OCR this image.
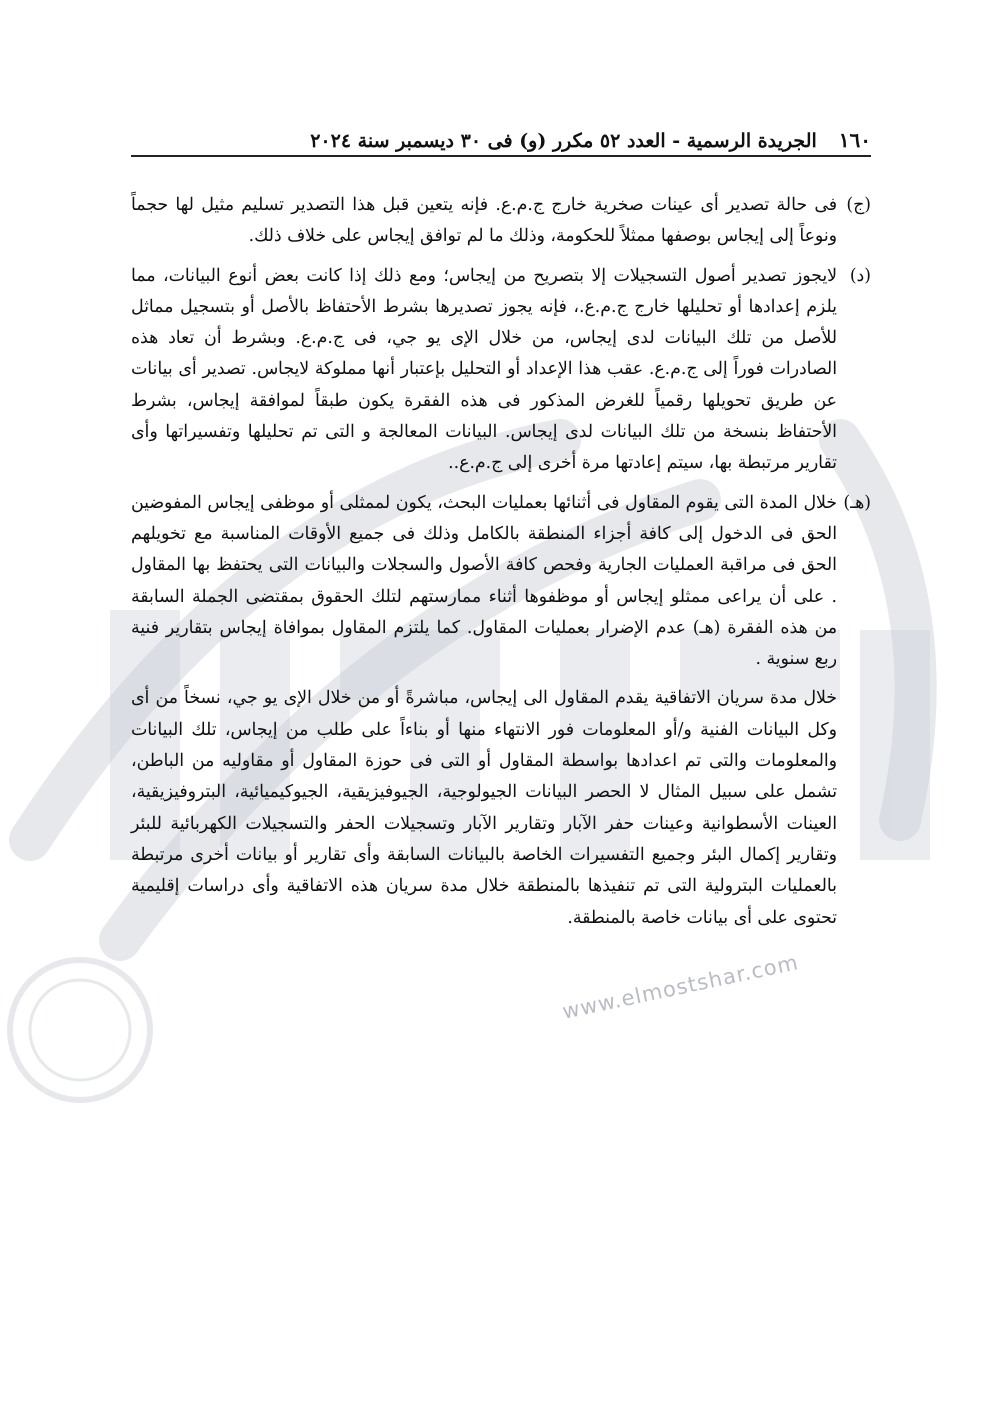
www.elmostshar.com
١٦٠
الجريدة الرسمية - العدد ٥٢ مكرر (و) فى ٣٠ ديسمبر سنة ٢٠٢٤
(ج)
فى حالة تصدير أى عينات صخرية خارج ج.م.ع. فإنه يتعين قبل هذا التصدير تسليم مثيل لها حجماً ونوعاً إلى إيجاس بوصفها ممثلاً للحكومة، وذلك ما لم توافق إيجاس على خلاف ذلك.
(د)
لايجوز تصدير أصول التسجيلات إلا بتصريح من إيجاس؛ ومع ذلك إذا كانت بعض أنوع البيانات، مما يلزم إعدادها أو تحليلها خارج ج.م.ع.، فإنه يجوز تصديرها بشرط الأحتفاظ بالأصل أو بتسجيل مماثل للأصل من تلك البيانات لدى إيجاس، من خلال الإى يو جي، فى ج.م.ع. وبشرط أن تعاد هذه الصادرات فوراً إلى ج.م.ع. عقب هذا الإعداد أو التحليل بإعتبار أنها مملوكة لايجاس. تصدير أى بيانات عن طريق تحويلها رقمياً للغرض المذكور فى هذه الفقرة يكون طبقاً لموافقة إيجاس، بشرط الأحتفاظ بنسخة من تلك البيانات لدى إيجاس. البيانات المعالجة و التى تم تحليلها وتفسيراتها وأى تقارير مرتبطة بها، سيتم إعادتها مرة أخرى إلى ج.م.ع..
(هـ)
خلال المدة التى يقوم المقاول فى أثنائها بعمليات البحث، يكون لممثلى أو موظفى إيجاس المفوضين الحق فى الدخول إلى كافة أجزاء المنطقة بالكامل وذلك فى جميع الأوقات المناسبة مع تخويلهم الحق فى مراقبة العمليات الجارية وفحص كافة الأصول والسجلات والبيانات التى يحتفظ بها المقاول . على أن يراعى ممثلو إيجاس أو موظفوها أثناء ممارستهم لتلك الحقوق بمقتضى الجملة السابقة من هذه الفقرة (هـ) عدم الإضرار بعمليات المقاول. كما يلتزم المقاول بموافاة إيجاس بتقارير فنية ربع سنوية .
خلال مدة سريان الاتفاقية يقدم المقاول الى إيجاس، مباشرةً أو من خلال الإى يو جي، نسخاً من أى وكل البيانات الفنية و/أو المعلومات فور الانتهاء منها أو بناءاً على طلب من إيجاس، تلك البيانات والمعلومات والتى تم اعدادها بواسطة المقاول أو التى فى حوزة المقاول أو مقاوليه من الباطن، تشمل على سبيل المثال لا الحصر البيانات الجيولوجية، الجيوفيزيقية، الجيوكيميائية، البتروفيزيقية، العينات الأسطوانية وعينات حفر الآبار وتقارير الآبار وتسجيلات الحفر والتسجيلات الكهربائية للبئر وتقارير إكمال البئر وجميع التفسيرات الخاصة بالبيانات السابقة وأى تقارير أو بيانات أخرى مرتبطة بالعمليات البترولية التى تم تنفيذها بالمنطقة خلال مدة سريان هذه الاتفاقية وأى دراسات إقليمية تحتوى على أى بيانات خاصة بالمنطقة.
